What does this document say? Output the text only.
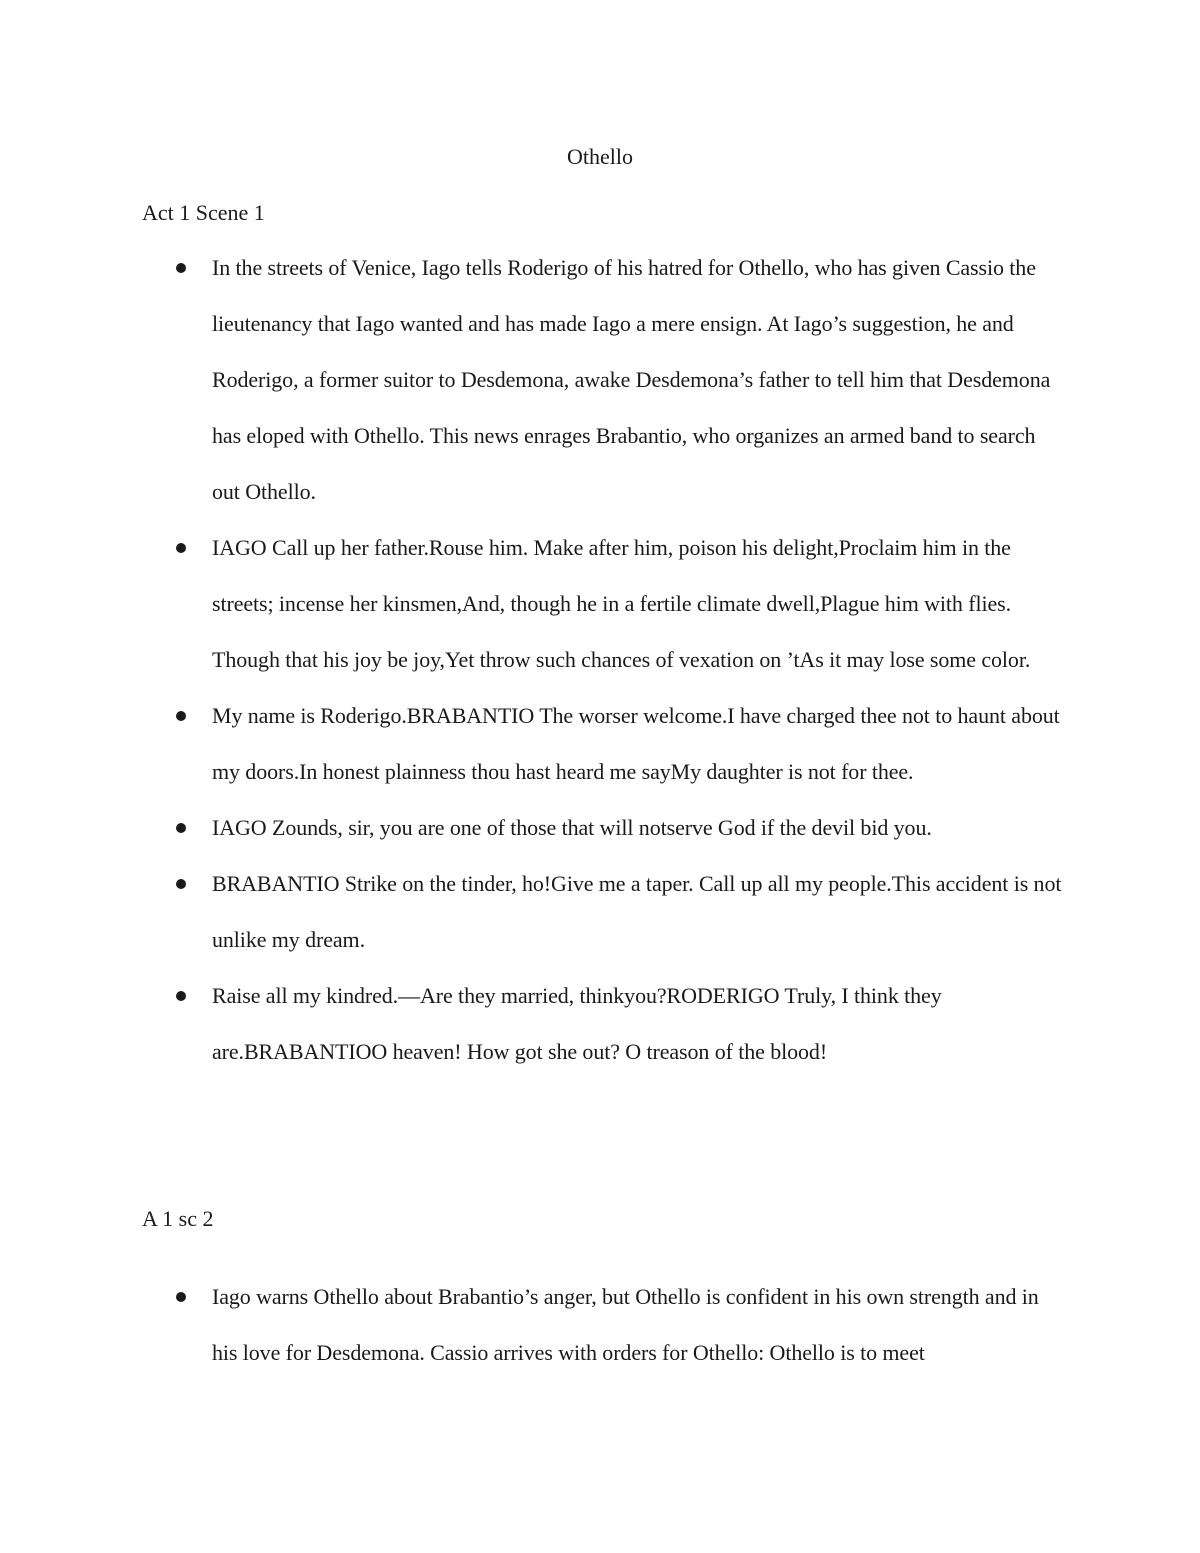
Othello
Act 1 Scene 1
In the streets of Venice, Iago tells Roderigo of his hatred for Othello, who has given Cassio the lieutenancy that Iago wanted and has made Iago a mere ensign. At Iago’s suggestion, he and Roderigo, a former suitor to Desdemona, awake Desdemona’s father to tell him that Desdemona has eloped with Othello. This news enrages Brabantio, who organizes an armed band to search out Othello.
IAGO Call up her father.Rouse him. Make after him, poison his delight,Proclaim him in the streets; incense her kinsmen,And, though he in a fertile climate dwell,Plague him with flies. Though that his joy be joy,Yet throw such chances of vexation on ’tAs it may lose some color.
My name is Roderigo.BRABANTIO The worser welcome.I have charged thee not to haunt about my doors.In honest plainness thou hast heard me sayMy daughter is not for thee.
IAGO Zounds, sir, you are one of those that will notserve God if the devil bid you.
BRABANTIO Strike on the tinder, ho!Give me a taper. Call up all my people.This accident is not unlike my dream.
Raise all my kindred.—Are they married, thinkyou?RODERIGO Truly, I think they are.BRABANTIOO heaven! How got she out? O treason of the blood!
A 1 sc 2
Iago warns Othello about Brabantio’s anger, but Othello is confident in his own strength and in his love for Desdemona. Cassio arrives with orders for Othello: Othello is to meet
